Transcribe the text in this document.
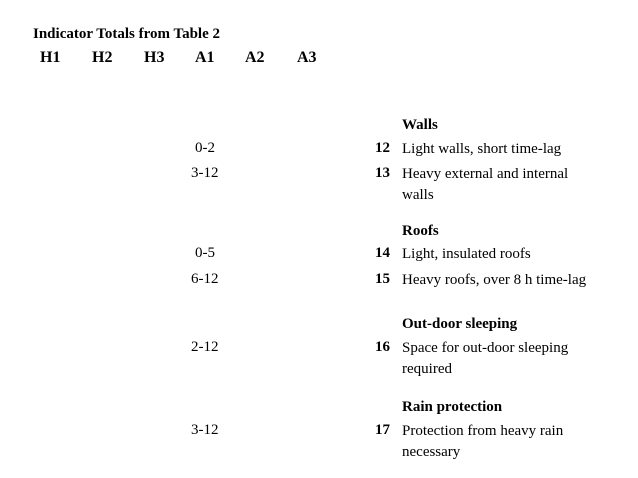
Indicator Totals from Table 2
H1 H2 H3 A1 A2 A3
Walls
0-2	12 Light walls, short time-lag
3-12	13 Heavy external and internal walls
Roofs
0-5	14 Light, insulated roofs
6-12	15 Heavy roofs, over 8 h time-lag
Out-door sleeping
2-12	16 Space for out-door sleeping required
Rain protection
3-12	17 Protection from heavy rain necessary
